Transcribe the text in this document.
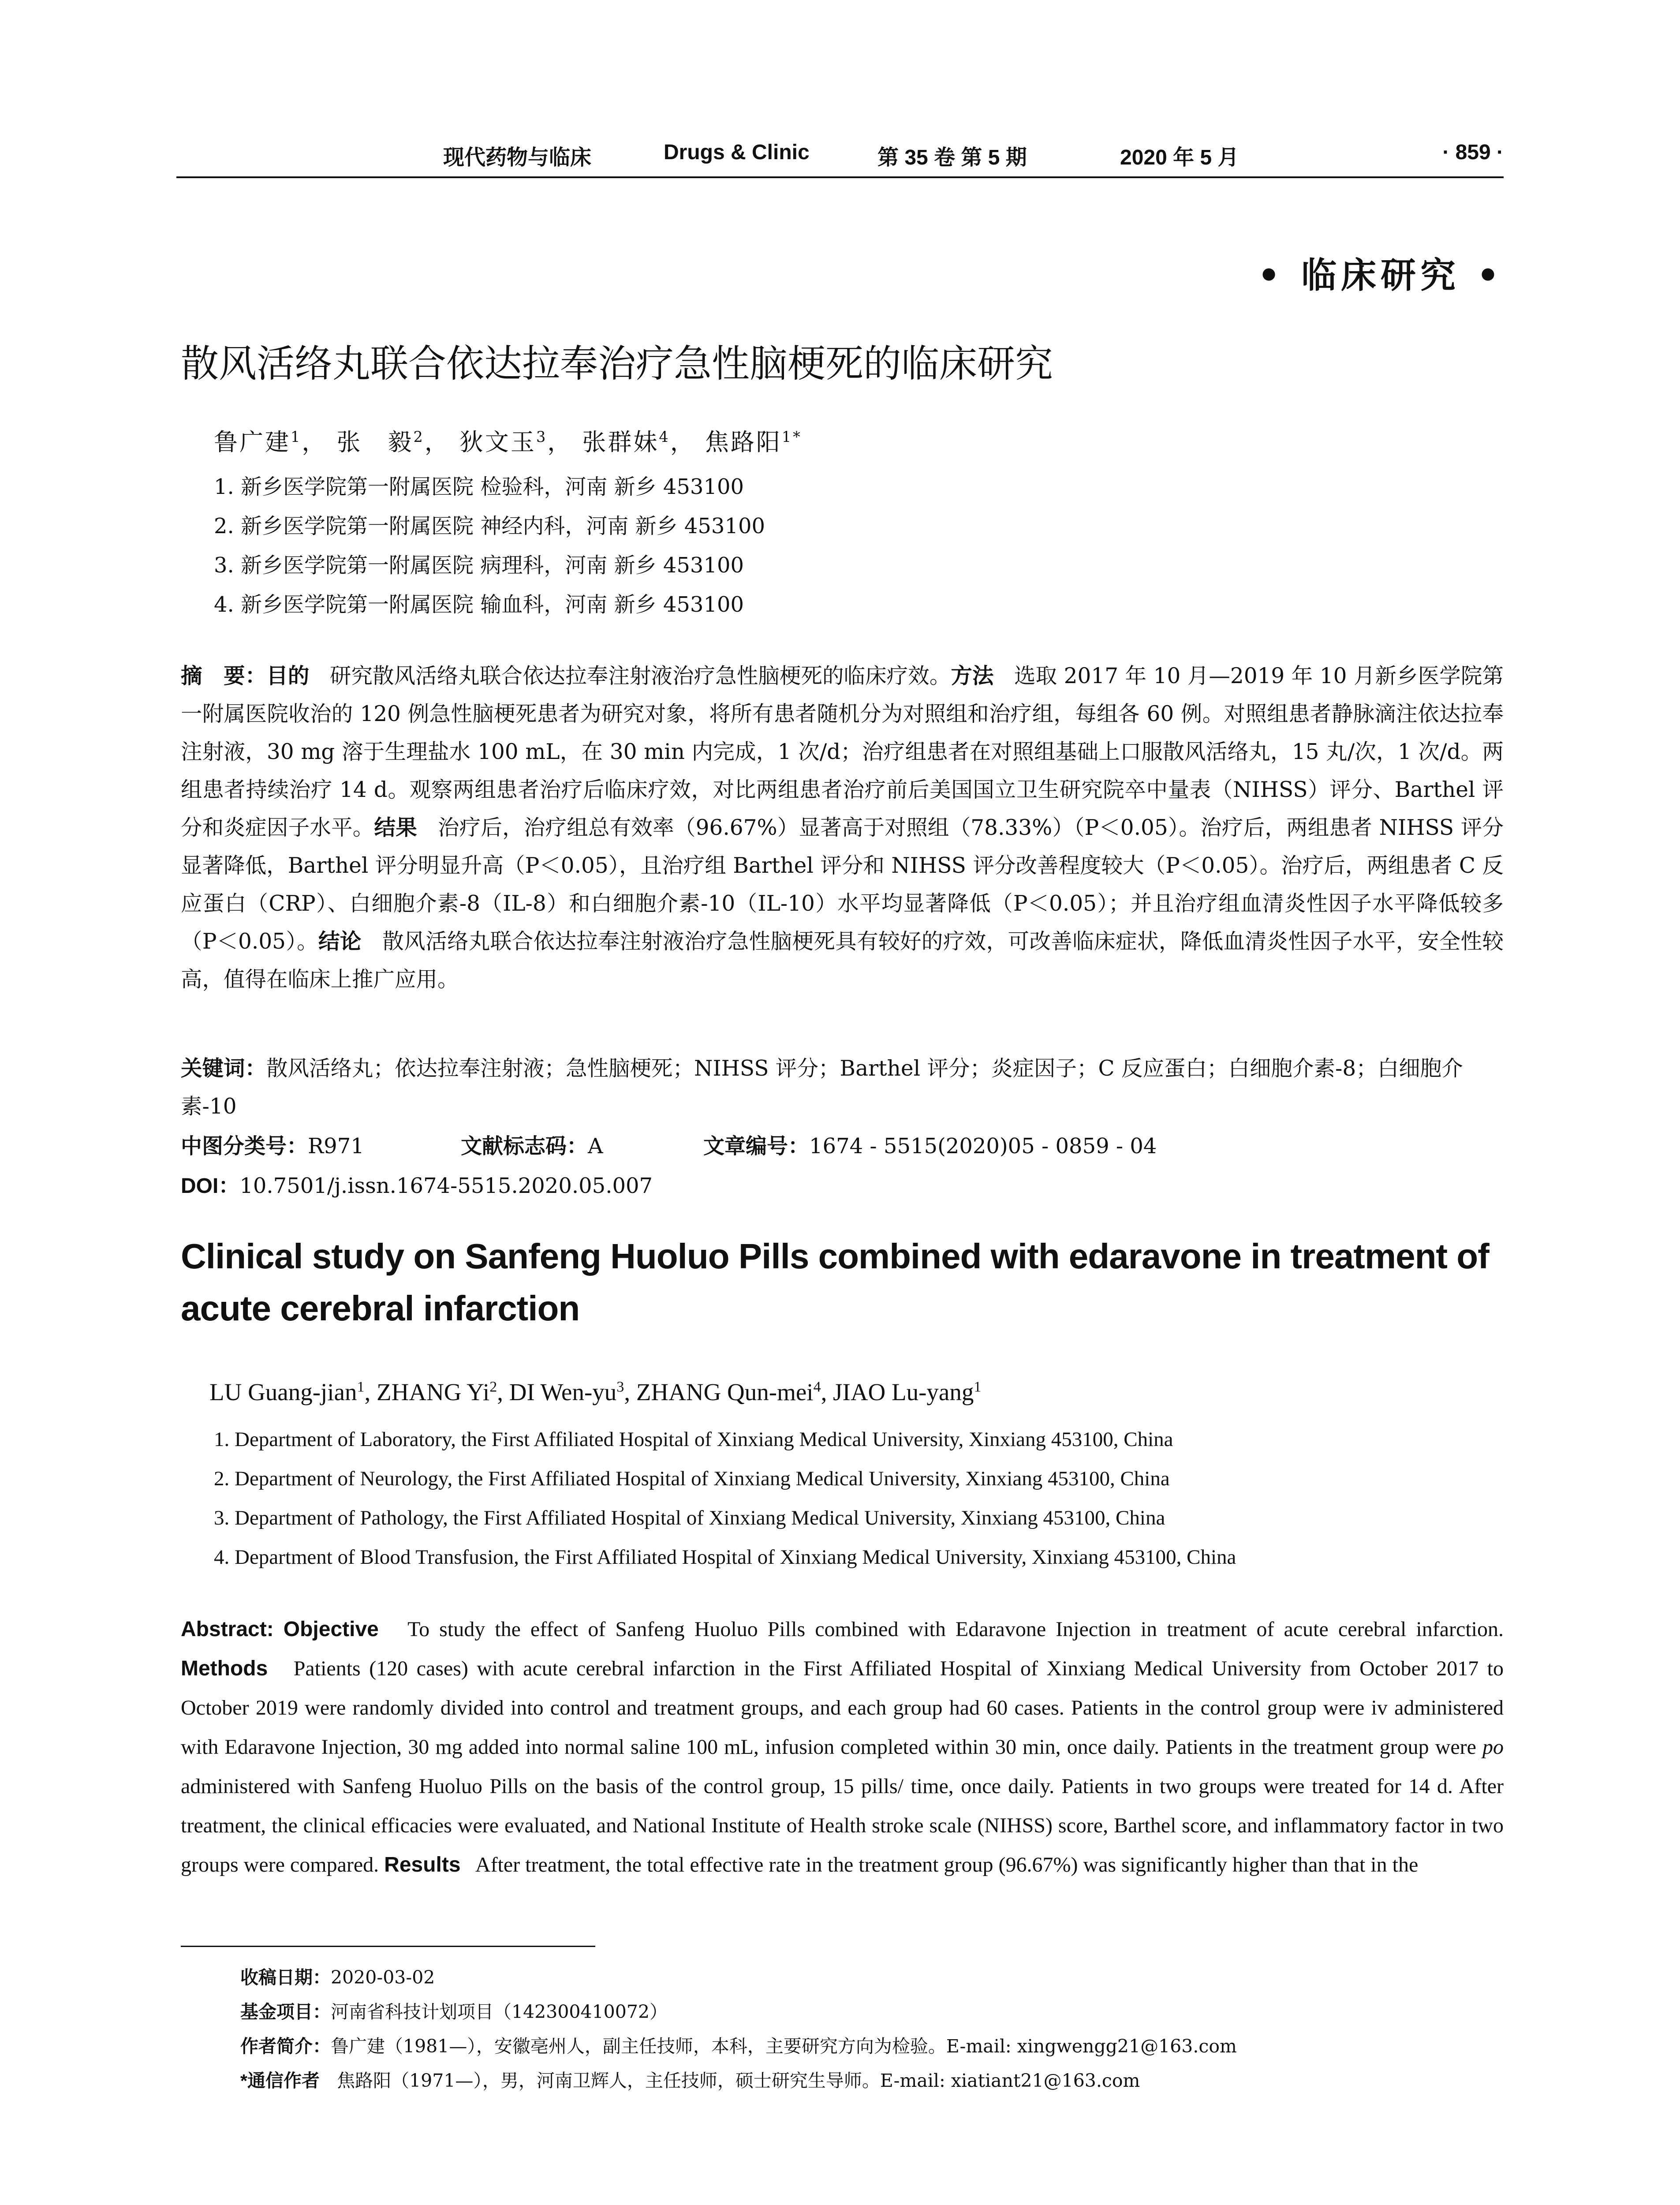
现代药物与临床	Drugs & Clinic	第 35 卷 第 5 期	2020 年 5 月	· 859 ·
• 临床研究 •
散风活络丸联合依达拉奉治疗急性脑梗死的临床研究
鲁广建$^1$， 张　毅$^2$， 狄文玉$^3$， 张群妹$^4$， 焦路阳$^{1*}$
1. 新乡医学院第一附属医院 检验科，河南 新乡 453100
2. 新乡医学院第一附属医院 神经内科，河南 新乡 453100
3. 新乡医学院第一附属医院 病理科，河南 新乡 453100
4. 新乡医学院第一附属医院 输血科，河南 新乡 453100
摘　要：目的 研究散风活络丸联合依达拉奉注射液治疗急性脑梗死的临床疗效。方法 选取 2017 年 10 月—2019 年 10 月新乡医学院第一附属医院收治的 120 例急性脑梗死患者为研究对象，将所有患者随机分为对照组和治疗组，每组各 60 例。对照组患者静脉滴注依达拉奉注射液，30 mg 溶于生理盐水 100 mL，在 30 min 内完成，1 次/d；治疗组患者在对照组基础上口服散风活络丸，15 丸/次，1 次/d。两组患者持续治疗 14 d。观察两组患者治疗后临床疗效，对比两组患者治疗前后美国国立卫生研究院卒中量表（NIHSS）评分、Barthel 评分和炎症因子水平。结果 治疗后，治疗组总有效率（96.67%）显著高于对照组（78.33%）（P＜0.05）。治疗后，两组患者 NIHSS 评分显著降低，Barthel 评分明显升高（P＜0.05），且治疗组 Barthel 评分和 NIHSS 评分改善程度较大（P＜0.05）。治疗后，两组患者 C 反应蛋白（CRP）、白细胞介素-8（IL-8）和白细胞介素-10（IL-10）水平均显著降低（P＜0.05）；并且治疗组血清炎性因子水平降低较多（P＜0.05）。结论 散风活络丸联合依达拉奉注射液治疗急性脑梗死具有较好的疗效，可改善临床症状，降低血清炎性因子水平，安全性较高，值得在临床上推广应用。
关键词：散风活络丸；依达拉奉注射液；急性脑梗死；NIHSS 评分；Barthel 评分；炎症因子；C 反应蛋白；白细胞介素-8；白细胞介素-10
中图分类号：R971	文献标志码：A	文章编号：1674 - 5515(2020)05 - 0859 - 04
DOI：10.7501/j.issn.1674-5515.2020.05.007
Clinical study on Sanfeng Huoluo Pills combined with edaravone in treatment of acute cerebral infarction
LU Guang-jian$^1$, ZHANG Yi$^2$, DI Wen-$yu^3$, ZHANG Qun-mei$^4$, JIAO Lu-yang$^1$
1. Department of Laboratory, the First Affiliated Hospital of Xinxiang Medical University, Xinxiang 453100, China
2. Department of Neurology, the First Affiliated Hospital of Xinxiang Medical University, Xinxiang 453100, China
3. Department of Pathology, the First Affiliated Hospital of Xinxiang Medical University, Xinxiang 453100, China
4. Department of Blood Transfusion, the First Affiliated Hospital of Xinxiang Medical University, Xinxiang 453100, China
Abstract: Objective To study the effect of Sanfeng Huoluo Pills combined with Edaravone Injection in treatment of acute cerebral infarction. Methods Patients (120 cases) with acute cerebral infarction in the First Affiliated Hospital of Xinxiang Medical University from October 2017 to October 2019 were randomly divided into control and treatment groups, and each group had 60 cases. Patients in the control group were iv administered with Edaravone Injection, 30 mg added into normal saline 100 mL, infusion completed within 30 min, once daily. Patients in the treatment group were po administered with Sanfeng Huoluo Pills on the basis of the control group, 15 pills/ time, once daily. Patients in two groups were treated for 14 d. After treatment, the clinical efficacies were evaluated, and National Institute of Health stroke scale (NIHSS) score, Barthel score, and inflammatory factor in two groups were compared. Results After treatment, the total effective rate in the treatment group (96.67%) was significantly higher than that in the
收稿日期：2020-03-02
基金项目：河南省科技计划项目（142300410072）
作者简介：鲁广建（1981—），安徽亳州人，副主任技师，本科，主要研究方向为检验。E-mail: xingwengg21@163.com
*通信作者 焦路阳（1971—），男，河南卫辉人，主任技师，硕士研究生导师。E-mail: xiatiant21@163.com
